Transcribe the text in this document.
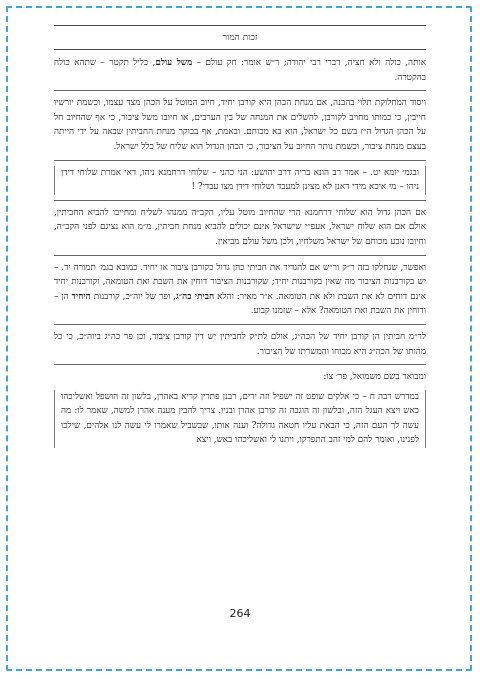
זכות המור

אותה, כולה ולא חציה, דברי רבי יהודה; ר״ש אומר: חק עולם – משל עולם, כליל תקטר – שתהא כולה בהקטרה.

ויסוד המחלוקת תלוי בהבנה, אם מנחת הכהן היא קורבן יחיד, חיוב המוטל על הכהן מצד עצמו, וכשמת יורשיו חייבין, כי כמותו מחויב לקורבן, להשלים את המנחה של בין הערבים, או חיובו משל ציבור, כי אף שהחיוב חל על הכהן הגדול ה״ז בשם כל ישראל, הוא בא מכוחם. ובאמת, אף בבוקר מנחת החביתין שבאה על ידי הייתה בעצם מנחת ציבור, וכשמת נותר החיוב על הציבור, כי הכהן הגדול הוא שליח של כלל ישראל.

ובגמ׳ יומא יט. – אמר רב הונא בריה דרב יהושע: הני כהני – שלוחי דרחמנא ניהו, דאי אמרת שלוחי דידן ניהו – מי איכא מידי דאנן לא מצינן למעבד ושלוחי דידן מצו עבדי? !

אם הכהן גדול הוא שלוחי דרחמנא הרי שהחיוב מוטל עליו, הקב״ה ממנהו לשליח ומחייבו להביא החביתין, אולם אם הוא שלוח ישראל, אעפ״י שישראל אינם יכולים להביא מנחת חביתין, מ״מ הוא נציגם לפני הקב״ה, וחיובו נובע מכוחם של ישראל משלחיו, ולכן משל עולם מביאין.

ואפשר, שנחלקו בזה ר״ק ור״ש אם להגדיר את חביתי כהן גדול כקורבן ציבור או יחיד. כמובא בגמ׳ תמורה יד. – יש בקורבנות הציבור מה שאין בקורבנות יחיד; שקורבנות הציבור דוחין את השבת ואת הטומאה, וקורבנות יחיד אינם דוחים לא את השבת ולא את הטומאה. א״ר מאיר: והלא חביתי כה״ג, ופר של יוה״כ, קורבנות היחיד הן – ודוחין את השבת ואת הטומאה? אלא – שזמנו קבוע.

לר״מ חביתין הן קורבן יחיד של הכה״ג, אולם לת״ק לחביתין יש דין קורבן ציבור, וכן פר כה״ג ביוה״כ, כי כל מהותו של הכה״ג היא מכוחו והמשרתו של הציבור.

ומבואר בשם משמואל, פר׳ צו:

במדרש רבה ח – כי אלקים שופט זה ישפיל וזה ירים, רבנן פתרין קריא באהרן, בלשון זה הושפל ואשליכהו באש ויצא העגל הזה, ובלשון זה הוגבה זה קורבן אהרן ובניו. צריך להבין מענה אהרן למשה, שאמר לו: מה עשה לך העם הזה, כי הבאת עליו חטאה גדולה? וענה אותו, שבשביל שאמרו לי עשה לנו אלהים, שילכו לפנינו, ואומר להם למי זהב התפרקו, ויתנו לי ואשליכהו באש, ויצא

264
